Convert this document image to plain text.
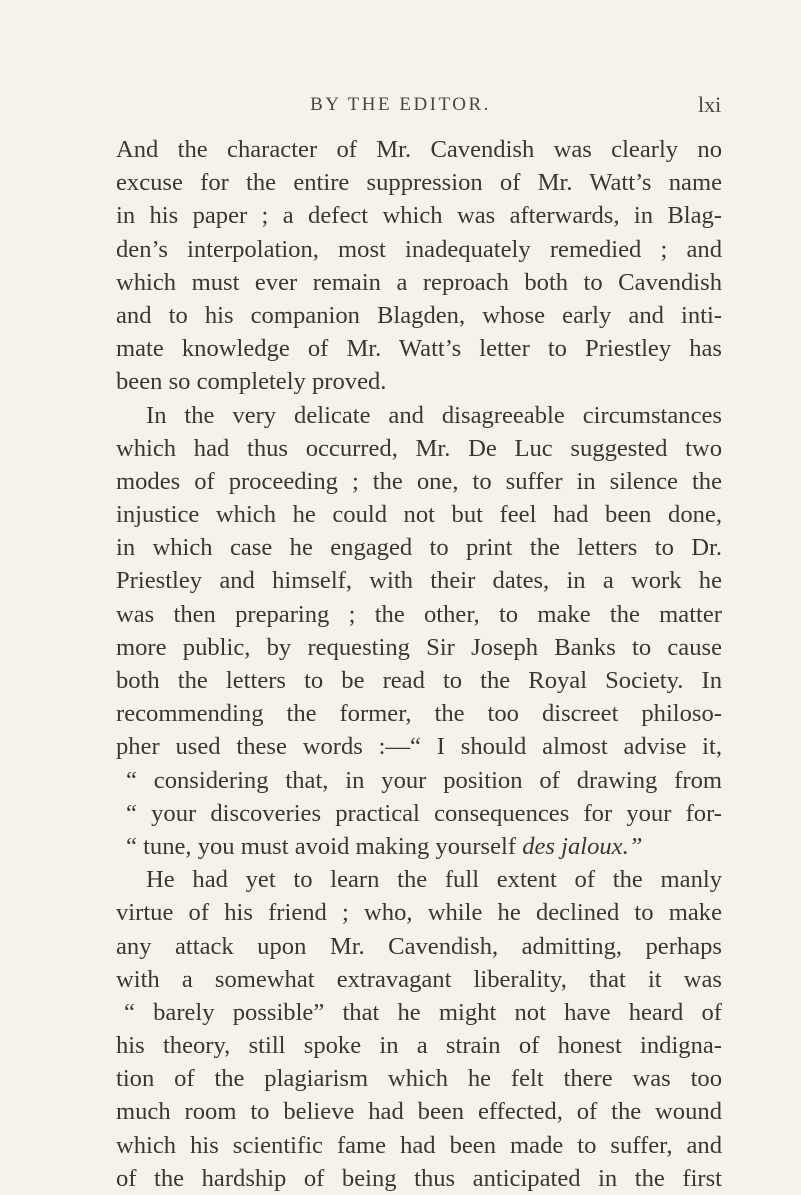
BY THE EDITOR.	lxi
And the character of Mr. Cavendish was clearly no
excuse for the entire suppression of Mr. Watt’s name
in his paper ; a defect which was afterwards, in Blag-
den’s interpolation, most inadequately remedied ; and
which must ever remain a reproach both to Cavendish
and to his companion Blagden, whose early and inti-
mate knowledge of Mr. Watt’s letter to Priestley has
been so completely proved.
In the very delicate and disagreeable circumstances
which had thus occurred, Mr. De Luc suggested two
modes of proceeding ; the one, to suffer in silence the
injustice which he could not but feel had been done,
in which case he engaged to print the letters to Dr.
Priestley and himself, with their dates, in a work he
was then preparing ; the other, to make the matter
more public, by requesting Sir Joseph Banks to cause
both the letters to be read to the Royal Society. In
recommending the former, the too discreet philoso-
pher used these words :—“ I should almost advise it,
“ considering that, in your position of drawing from
“ your discoveries practical consequences for your for-
“ tune, you must avoid making yourself des jaloux.”
He had yet to learn the full extent of the manly
virtue of his friend ; who, while he declined to make
any attack upon Mr. Cavendish, admitting, perhaps
with a somewhat extravagant liberality, that it was
“ barely possible” that he might not have heard of
his theory, still spoke in a strain of honest indigna-
tion of the plagiarism which he felt there was too
much room to believe had been effected, of the wound
which his scientific fame had been made to suffer, and
of the hardship of being thus anticipated in the first
